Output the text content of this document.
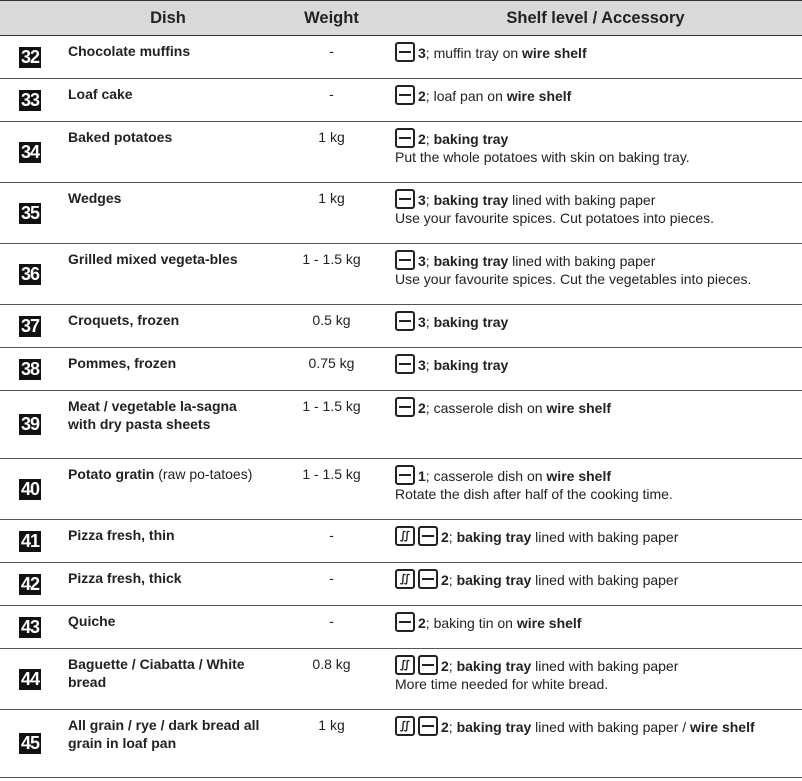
	Dish	Weight	Shelf level / Accessory
32	Chocolate muffins	-	3; muffin tray on wire shelf

33	Loaf cake	-	2; loaf pan on wire shelf

34	Baked potatoes	1 kg	2; baking tray
Put the whole potatoes with skin on baking tray.

35	Wedges	1 kg	3; baking tray lined with baking paper
Use your favourite spices. Cut potatoes into pieces.

36	Grilled mixed vegeta-bles	1 - 1.5 kg	3; baking tray lined with baking paper
Use your favourite spices. Cut the vegetables into pieces.

37	Croquets, frozen	0.5 kg	3; baking tray

38	Pommes, frozen	0.75 kg	3; baking tray

39	Meat / vegetable la-sagna with dry pasta sheets	1 - 1.5 kg	2; casserole dish on wire shelf

40	Potato gratin (raw po-tatoes)	1 - 1.5 kg	1; casserole dish on wire shelf
Rotate the dish after half of the cooking time.

41	Pizza fresh, thin	-	∬ 2; baking tray lined with baking paper

42	Pizza fresh, thick	-	∬ 2; baking tray lined with baking paper

43	Quiche	-	2; baking tin on wire shelf

44	Baguette / Ciabatta / White bread	0.8 kg	∬ 2; baking tray lined with baking paper
More time needed for white bread.

45	All grain / rye / dark bread all grain in loaf pan	1 kg	∬ 2; baking tray lined with baking paper / wire shelf
